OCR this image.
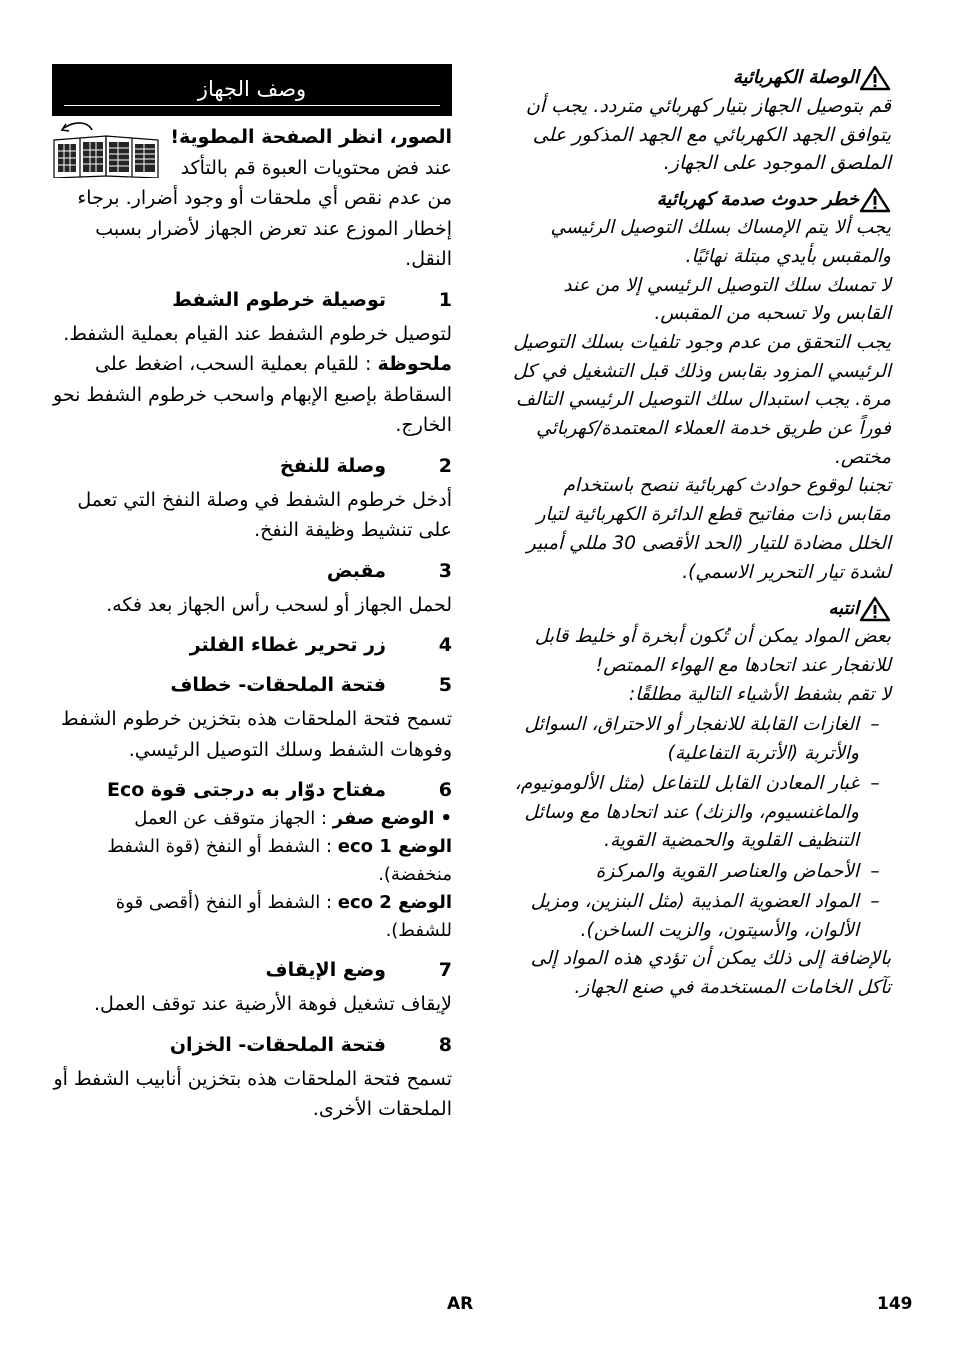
وصف الجهاز

الصور، انظر الصفحة المطوية!

عند فض محتويات العبوة قم بالتأكد من عدم نقص أي ملحقات أو وجود أضرار. برجاء إخطار الموزع عند تعرض الجهاز لأضرار بسبب النقل.

1
توصيلة خرطوم الشفط

لتوصيل خرطوم الشفط عند القيام بعملية الشفط.

ملحوظة : للقيام بعملية السحب، اضغط على السقاطة بإصبع الإبهام واسحب خرطوم الشفط نحو الخارج.

2
وصلة للنفخ

أدخل خرطوم الشفط في وصلة النفخ التي تعمل على تنشيط وظيفة النفخ.

3
مقبض

لحمل الجهاز أو لسحب رأس الجهاز بعد فكه.

4
زر تحرير غطاء الفلتر
5
فتحة الملحقات- خطاف

تسمح فتحة الملحقات هذه بتخزين خرطوم الشفط وفوهات الشفط وسلك التوصيل الرئيسي.

6
مفتاح دوّار به درجتى قوة Eco
•الوضع صفر : الجهاز متوقف عن العمل
الوضع eco 1 : الشفط أو النفخ (قوة الشفط منخفضة).
الوضع eco 2 : الشفط أو النفخ (أقصى قوة للشفط).
7
وضع الإيقاف

لإيقاف تشغيل فوهة الأرضية عند توقف العمل.

8
فتحة الملحقات- الخزان

تسمح فتحة الملحقات هذه بتخزين أنابيب الشفط أو الملحقات الأخرى.

الوصلة الكهربائية

قم بتوصيل الجهاز بتيار كهربائي متردد. يجب أن يتوافق الجهد الكهربائي مع الجهد المذكور على الملصق الموجود على الجهاز.

خطر حدوث صدمة كهربائية

يجب ألا يتم الإمساك بسلك التوصيل الرئيسي والمقبس بأيدي مبتلة نهائيًا.

لا تمسك سلك التوصيل الرئيسي إلا من عند القابس ولا تسحبه من المقبس.

يجب التحقق من عدم وجود تلفيات بسلك التوصيل الرئيسي المزود بقابس وذلك قبل التشغيل في كل مرة. يجب استبدال سلك التوصيل الرئيسي التالف فوراً عن طريق خدمة العملاء المعتمدة/كهربائي مختص.

تجنبا لوقوع حوادث كهربائية ننصح باستخدام مقابس ذات مفاتيح قطع الدائرة الكهربائية لتيار الخلل مضادة للتيار (الحد الأقصى 30 مللي أمبير لشدة تيار التحرير الاسمي).

انتبه

بعض المواد يمكن أن تُكون أبخرة أو خليط قابل للانفجار عند اتحادها مع الهواء الممتص!

لا تقم بشفط الأشياء التالية مطلقًا:

–
الغازات القابلة للانفجار أو الاحتراق، السوائل والأتربة (الأتربة التفاعلية)
–
غبار المعادن القابل للتفاعل (مثل الألومونيوم، والماغنسيوم، والزنك) عند اتحادها مع وسائل التنظيف القلوية والحمضية القوية.
–
الأحماض والعناصر القوية والمركزة
–
المواد العضوية المذيبة (مثل البنزين، ومزيل الألوان، والأسيتون، والزيت الساخن).

بالإضافة إلى ذلك يمكن أن تؤدي هذه المواد إلى تآكل الخامات المستخدمة في صنع الجهاز.

AR	149
